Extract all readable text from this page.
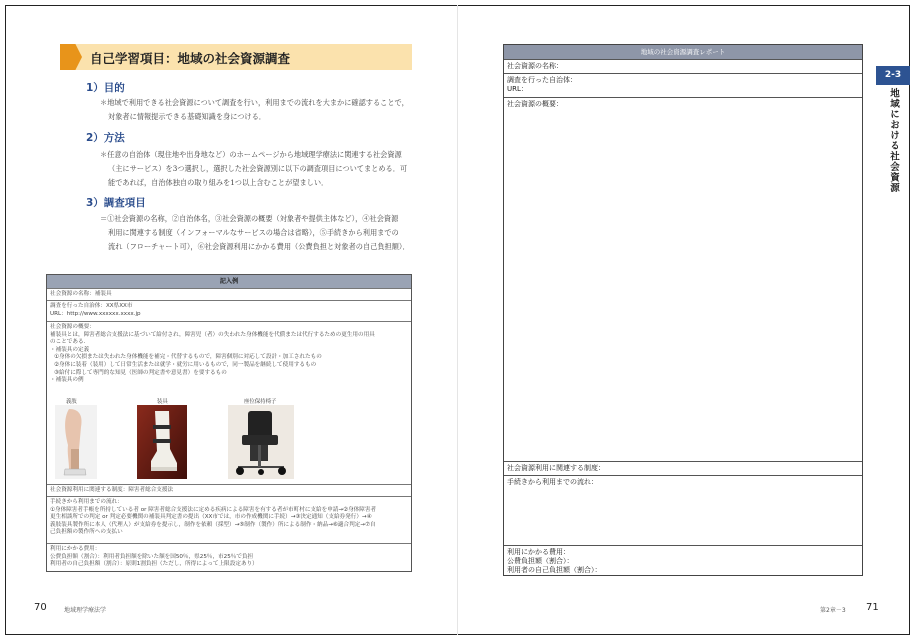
自己学習項目：地域の社会資源調査
1）目的
＊地域で利用できる社会資源について調査を行い，利用までの流れを大まかに確認することで，
対象者に情報提示できる基礎知識を身につける．
2）方法
＊任意の自治体（現住地や出身地など）のホームページから地域理学療法に関連する社会資源
（主にサービス）を3つ選択し，選択した社会資源別に以下の調査項目についてまとめる．可
能であれば，自治体独自の取り組みを1つ以上含むことが望ましい．
3）調査項目
＝①社会資源の名称，②自治体名，③社会資源の概要（対象者や提供主体など），④社会資源
利用に関連する制度（インフォーマルなサービスの場合は省略），⑤手続きから利用までの
流れ（フローチャート可），⑥社会資源利用にかかる費用（公費負担と対象者の自己負担額）．
記入例
社会資源の名称：補装具
調査を行った自治体：XX県XX市
URL：http://www.xxxxxx.xxxx.jp
社会資源の概要：
補装具とは，障害者総合支援法に基づいて給付され，障害児（者）の失われた身体機能を代償または代行するための更生用の用具
のことである．
・補装具の定義
①身体の欠損または失われた身体機能を補完・代替するもので，障害個別に対応して設計・加工されたもの
②身体に装着（装用）して日常生活または就学・就労に用いるもので，同一製品を継続して使用するもの
③給付に際して専門的な知見（医師の判定書や意見書）を要するもの
・補装具の例
社会資源利用に関連する制度：障害者総合支援法
手続きから利用までの流れ：
①身体障害者手帳を所持している者 or 障害者総合支援法に定める疾病による障害を有する者が市町村に支給を申請→②身体障害者
更生相談所での判定 or 判定必要機関の補装具判定書の提出（XX市では，市の作成機関に手続）→③決定通知（支給券発行）→④
義肢装具製作所に本人（代理人）が支給券を提示し，制作を依頼（採型）→⑤制作（製作）所による制作・納品→⑥適合判定→⑦自
己負担額の製作所への支払い
利用にかかる費用：
公費負担額（割合）：利用者負担額を除いた額を国50％，県25％，市25％で負担
利用者の自己負担額（割合）：原則1割負担（ただし，所得によって上限設定あり）
義肢	装具	座位保持椅子
70	地域理学療法学
地域の社会資源調査レポート
社会資源の名称：
調査を行った自治体：
URL：
社会資源の概要：
社会資源利用に関連する制度：
手続きから利用までの流れ：
利用にかかる費用：
公費負担額（割合）：
利用者の自己負担額（割合）：
2-3
地域における社会資源
第2章－3 71
